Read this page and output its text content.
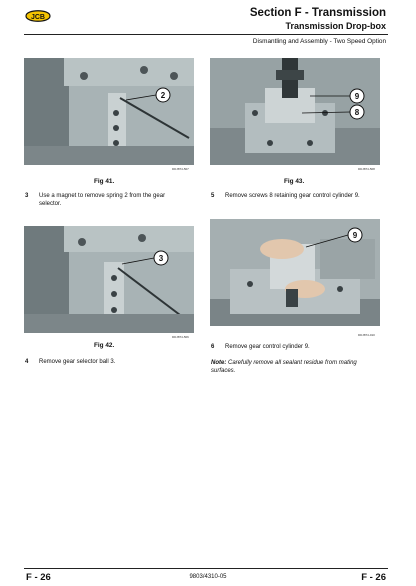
JCB	Section F - Transmission
Transmission Drop-box
Dismantling and Assembly - Two Speed Option
2
DDJ874-507
Fig 41.
9
8
DDJ874-508
Fig 43.
3 Use a magnet to remove spring 2 from the gear
selector.
5 Remove screws 8 retaining gear control cylinder 9.
3
DDJ874-506
Fig 42.
9
DDJ874-010
4 Remove gear selector ball 3.
6 Remove gear control cylinder 9.
Note: Carefully remove all sealant residue from mating
surfaces.
F - 26	9803/4310-05	F - 26
